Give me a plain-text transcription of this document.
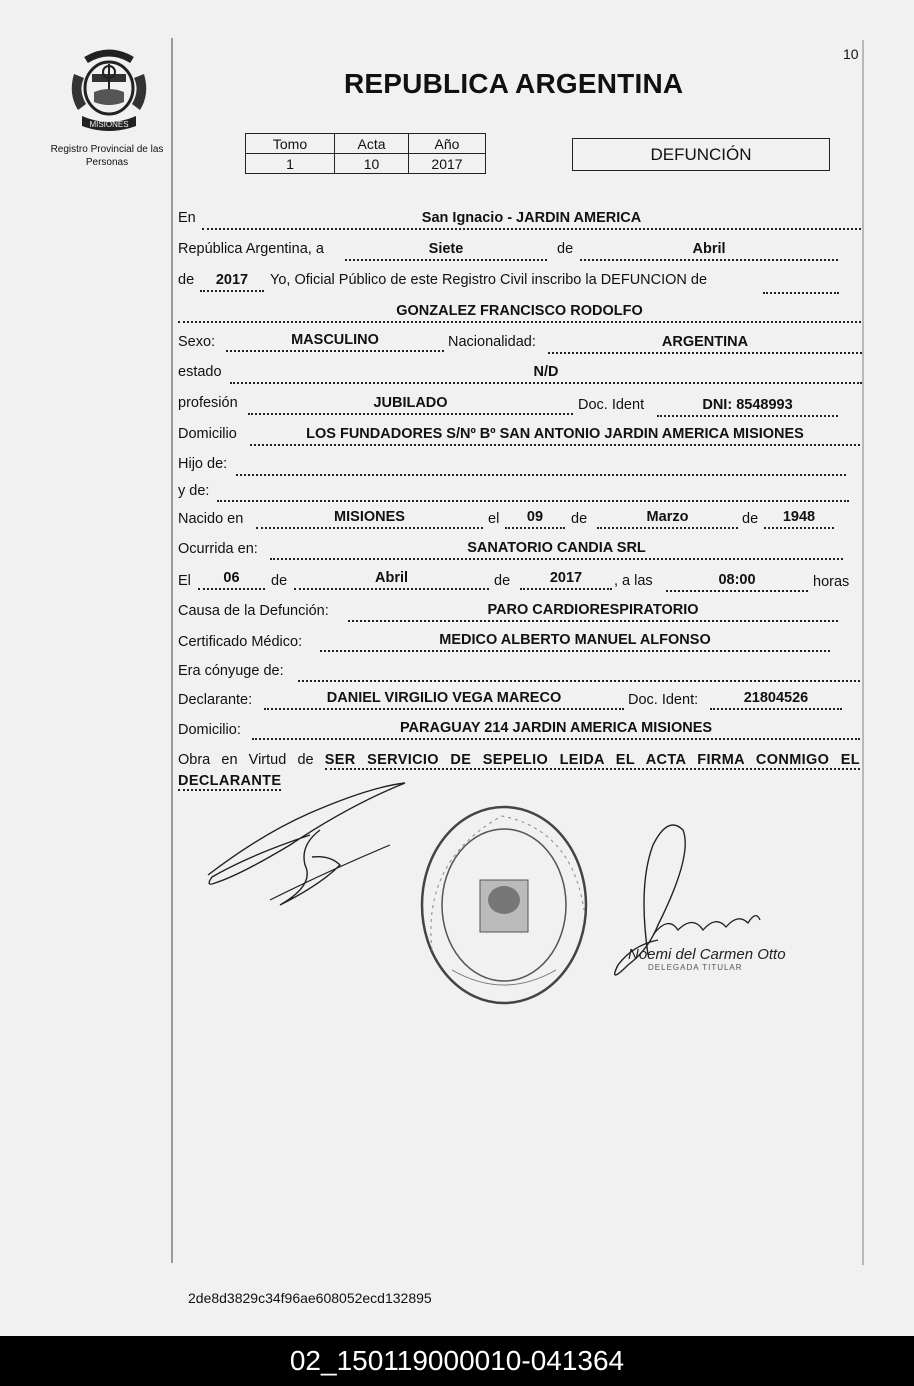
10
MISIONES
Registro Provincial de las Personas
REPUBLICA ARGENTINA
Tomo	Acta	Año
1	10	2017	DEFUNCIÓN
En	San Ignacio - JARDIN AMERICA
República Argentina, a	Siete	de	Abril
de	2017	Yo, Oficial Público de este Registro Civil inscribo la DEFUNCION de
GONZALEZ FRANCISCO RODOLFO
Sexo:	MASCULINO	Nacionalidad:	ARGENTINA
estado	N/D
profesión	JUBILADO	Doc. Ident	DNI: 8548993
Domicilio	LOS FUNDADORES S/Nº Bº SAN ANTONIO JARDIN AMERICA MISIONES
Hijo de:
y de:
Nacido en	MISIONES	el	09	de	Marzo	de	1948
Ocurrida en:	SANATORIO CANDIA SRL
El	06	de	Abril	de	2017	, a las	08:00	horas
Causa de la Defunción:	PARO CARDIORESPIRATORIO
Certificado Médico:	MEDICO ALBERTO MANUEL ALFONSO
Era cónyuge de:
Declarante:	DANIEL VIRGILIO VEGA MARECO	Doc. Ident:	21804526
Domicilio:	PARAGUAY 214 JARDIN AMERICA MISIONES
Obra en Virtud de SER SERVICIO DE SEPELIO LEIDA EL ACTA FIRMA CONMIGO EL DECLARANTE
Noemi del Carmen Otto
DELEGADA TITULAR
2de8d3829c34f96ae608052ecd132895
02_150119000010-041364
